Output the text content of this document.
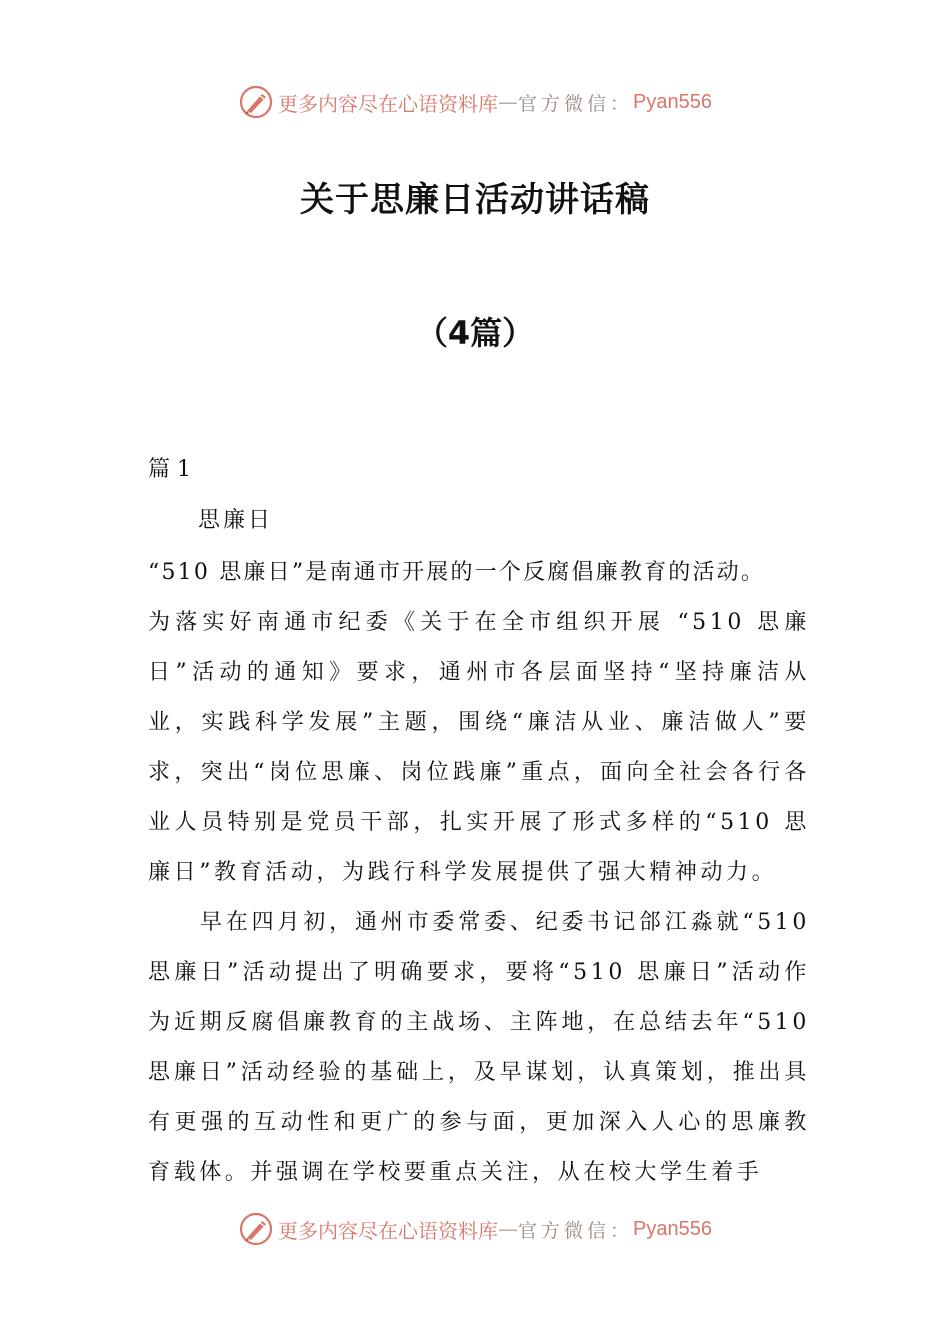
更多内容尽在心语资料库 — 官方微信： Pyan556
关于思廉日活动讲话稿
（4篇）
篇 1
思廉日

“510 思廉日”是南通市开展的一个反腐倡廉教育的活动。

为落实好南通市纪委《关于在全市组织开展 “510 思廉日”活动的通知》要求，通州市各层面坚持“坚持廉洁从业，实践科学发展”主题，围绕“廉洁从业、廉洁做人”要求，突出“岗位思廉、岗位践廉”重点，面向全社会各行各业人员特别是党员干部，扎实开展了形式多样的“510 思廉日”教育活动，为践行科学发展提供了强大精神动力。

早在四月初，通州市委常委、纪委书记郃江淼就“510 思廉日”活动提出了明确要求，要将“510 思廉日”活动作为近期反腐倡廉教育的主战场、主阵地，在总结去年“510 思廉日”活动经验的基础上，及早谋划，认真策划，推出具有更强的互动性和更广的参与面，更加深入人心的思廉教育载体。并强调在学校要重点关注，从在校大学生着手

更多内容尽在心语资料库 — 官方微信： Pyan556
